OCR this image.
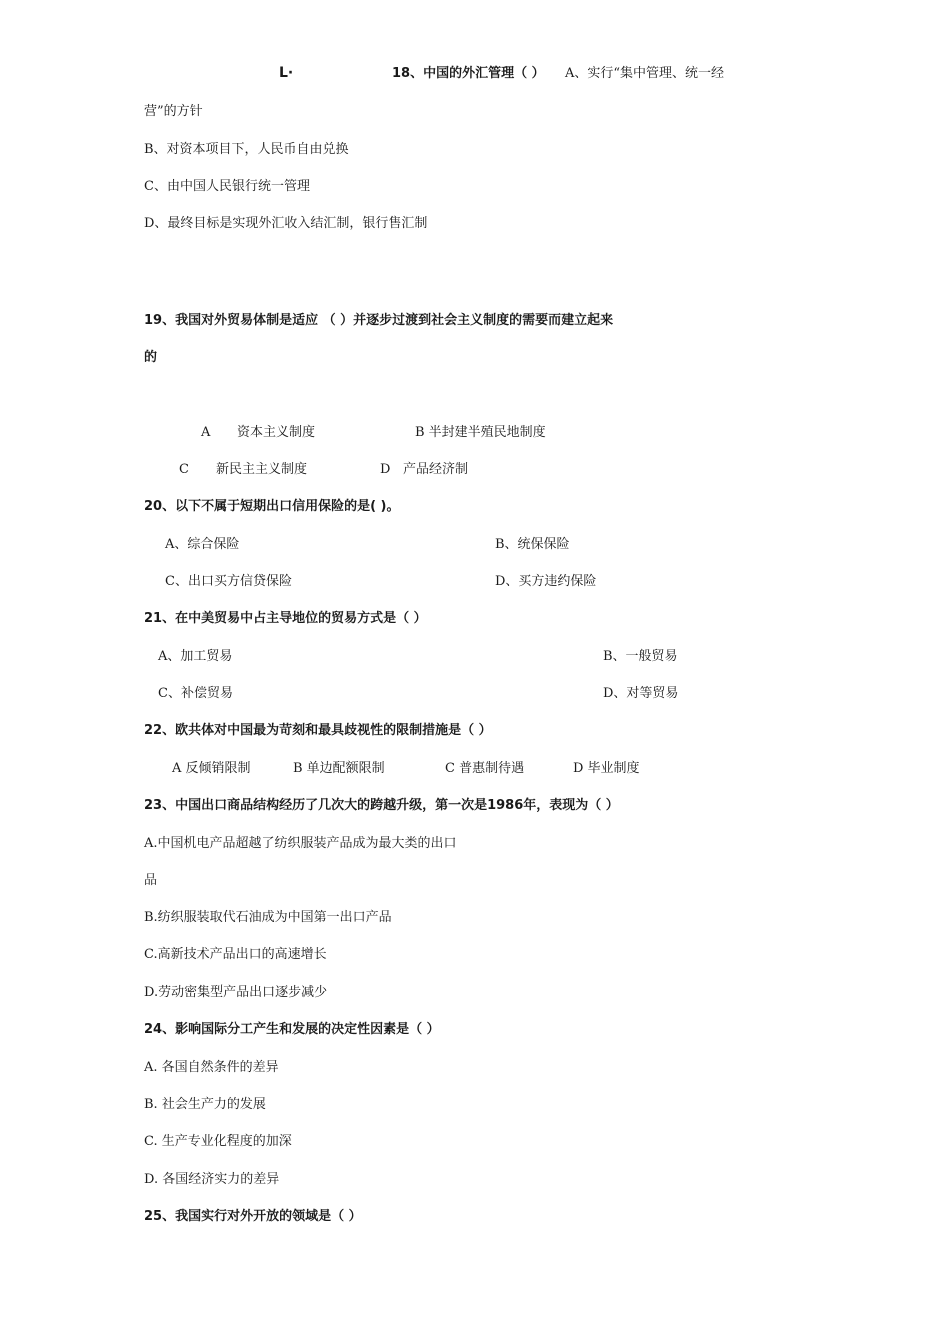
L·	18、中国的外汇管理（ ） A、实行“集中管理、统一经
营”的方针
B、对资本项目下，人民币自由兑换
C、由中国人民银行统一管理
D、最终目标是实现外汇收入结汇制，银行售汇制
19、我国对外贸易体制是适应 （ ）并逐步过渡到社会主义制度的需要而建立起来
的
A 资本主义制度	B 半封建半殖民地制度
C 新民主主义制度	D 产品经济制
20、以下不属于短期出口信用保险的是( )。
A、综合保险	B、统保保险
C、出口买方信贷保险	D、买方违约保险
21、在中美贸易中占主导地位的贸易方式是（ ）
A、加工贸易	B、一般贸易
C、补偿贸易	D、对等贸易
22、欧共体对中国最为苛刻和最具歧视性的限制措施是（ ）
A 反倾销限制	B 单边配额限制	C 普惠制待遇	D 毕业制度
23、中国出口商品结构经历了几次大的跨越升级，第一次是1986年，表现为（ ）
A.中国机电产品超越了纺织服装产品成为最大类的出口
品
B.纺织服装取代石油成为中国第一出口产品
C.高新技术产品出口的高速增长
D.劳动密集型产品出口逐步减少
24、影响国际分工产生和发展的决定性因素是（ ）
A. 各国自然条件的差异
B. 社会生产力的发展
C. 生产专业化程度的加深
D. 各国经济实力的差异
25、我国实行对外开放的领域是（ ）
